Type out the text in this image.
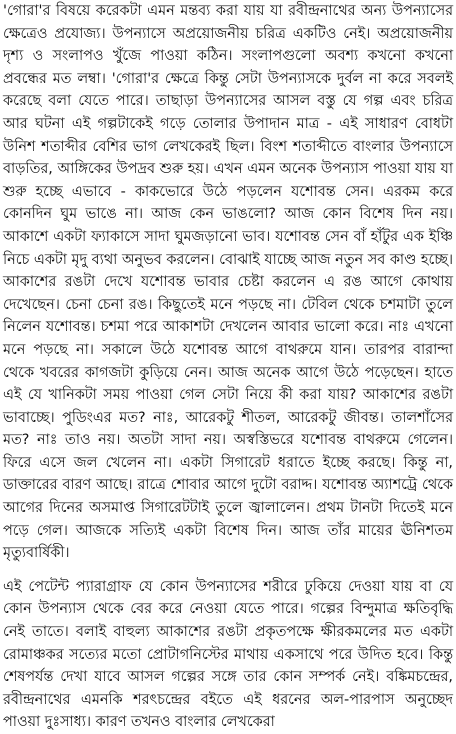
'গোরা'র বিষয়ে করেকটা এমন মন্তব্য করা যায় যা রবীন্দ্রনাথের অন্য উপন্যাসের ক্ষেত্রেও প্রযোজ্য। উপন্যাসে অপ্রয়োজনীয় চরিত্র একটিও নেই। অপ্রয়োজনীয় দৃশ্য ও সংলাপও খুঁজে পাওয়া কঠিন। সংলাপগুলো অবশ্য কখনো কখনো প্রবন্ধের মত লম্বা। 'গোরা'র ক্ষেত্রে কিন্তু সেটা উপন্যাসকে দুর্বল না করে সবলই করেছে বলা যেতে পারে। তাছাড়া উপন্যাসের আসল বস্তু যে গল্প এবং চরিত্র আর ঘটনা এই গল্পটাকেই গড়ে তোলার উপাদান মাত্র - এই সাধারণ বোধটা উনিশ শতাব্দীর বেশির ভাগ লেখকেরই ছিল। বিংশ শতাব্দীতে বাংলার উপন্যাসে বাড়তির, আঙ্গিকের উপদ্রব শুরু হয়। এখন এমন অনেক উপন্যাস পাওয়া যায় যা শুরু হচ্ছে এভাবে - কাকভোরে উঠে পড়লেন যশোবন্ত সেন। এরকম করে কোনদিন ঘুম ভাঙে না। আজ কেন ভাঙলো? আজ কোন বিশেষ দিন নয়। আকাশে একটা ফ্যাকাসে সাদা ঘুমজড়ানো ভাব। যশোবন্ত সেন বাঁ হাঁটুর এক ইঞ্চি নিচে একটা মৃদু ব্যথা অনুভব করলেন। বোঝাই যাচ্ছে আজ নতুন সব কাণ্ড হচ্ছে। আকাশের রঙটা দেখে যশোবন্ত ভাবার চেষ্টা করলেন এ রঙ আগে কোথায় দেখেছেন। চেনা চেনা রঙ। কিছুতেই মনে পড়ছে না। টেবিল থেকে চশমাটা তুলে নিলেন যশোবন্ত। চশমা পরে আকাশটা দেখলেন আবার ভালো করে। নাঃ এখনো মনে পড়ছে না। সকালে উঠে যশোবন্ত আগে বাথরুমে যান। তারপর বারান্দা থেকে খবরের কাগজটা কুড়িয়ে নেন। আজ অনেক আগে উঠে পড়েছেন। হাতে এই যে খানিকটা সময় পাওয়া গেল সেটা নিয়ে কী করা যায়? আকাশের রঙটা ভাবাচ্ছে। পুডিংএর মত? নাঃ, আরেকটু শীতল, আরেকটু জীবন্ত। তালশাঁসের মত? নাঃ তাও নয়। অতটা সাদা নয়। অস্বস্তিভরে যশোবন্ত বাথরুমে গেলেন। ফিরে এসে জল খেলেন না। একটা সিগারেট ধরাতে ইচ্ছে করছে। কিন্তু না, ডাক্তারের বারণ আছে। রাত্রে শোবার আগে দুটো বরাদ্দ। যশোবন্ত অ্যাশট্রে থেকে আগের দিনের অসমাপ্ত সিগারেটটাই তুলে জ্বালালেন। প্রথম টানটা দিতেই মনে পড়ে গেল। আজকে সত্যিই একটা বিশেষ দিন। আজ তাঁর মায়ের ঊনিশতম মৃত্যুবার্ষিকী।

এই পেটেন্ট প্যারাগ্রাফ যে কোন উপন্যাসের শরীরে ঢুকিয়ে দেওয়া যায় বা যে কোন উপন্যাস থেকে বের করে নেওয়া যেতে পারে। গল্পের বিন্দুমাত্র ক্ষতিবৃদ্ধি নেই তাতে। বলাই বাহুল্য আকাশের রঙটা প্রকৃতপক্ষে ক্ষীরকমলের মত একটা রোমাঞ্চকর সত্যের মতো প্রোটাগনিস্টের মাথায় একসাথে পরে উদিত হবে। কিন্তু শেষপর্যন্ত দেখা যাবে আসল গল্পের সঙ্গে তার কোন সম্পর্ক নেই। বঙ্কিমচন্দ্রের, রবীন্দ্রনাথের এমনকি শরৎচন্দ্রের বইতে এই ধরনের অল-পারপাস অনুচ্ছেদ পাওয়া দুঃসাধ্য। কারণ তখনও বাংলার লেখকেরা
